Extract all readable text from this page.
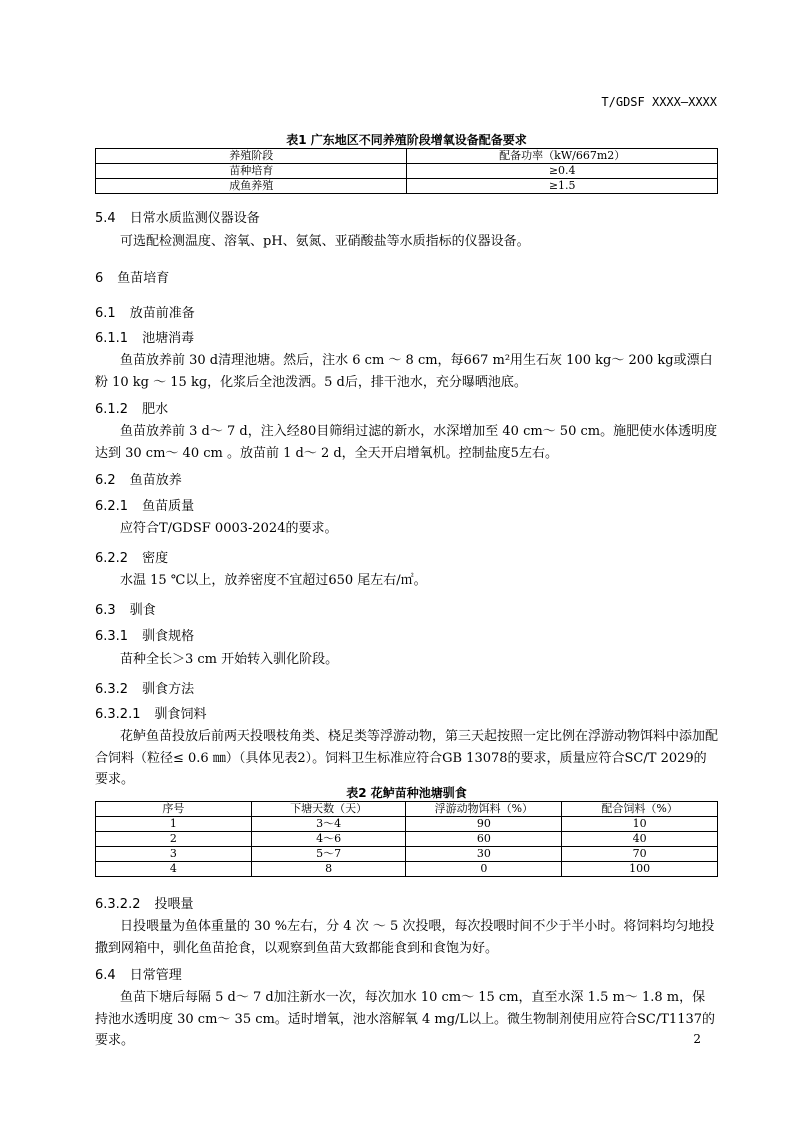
T/GDSF XXXX—XXXX
表1 广东地区不同养殖阶段增氧设备配备要求
养殖阶段	配备功率（kW/667m2）
苗种培育	≥0.4
成鱼养殖	≥1.5
5.4 日常水质监测仪器设备
可选配检测温度、溶氧、pH、氨氮、亚硝酸盐等水质指标的仪器设备。
6 鱼苗培育
6.1 放苗前准备
6.1.1 池塘消毒
鱼苗放养前 30 d清理池塘。然后，注水 6 cm ～ 8 cm，每667 m²用生石灰 100 kg～ 200 kg或漂白粉 10 kg ～ 15 kg，化浆后全池泼洒。5 d后，排干池水，充分曝晒池底。
6.1.2 肥水
鱼苗放养前 3 d～ 7 d，注入经80目筛绢过滤的新水，水深增加至 40 cm～ 50 cm。施肥使水体透明度达到 30 cm～ 40 cm 。放苗前 1 d～ 2 d，全天开启增氧机。控制盐度5左右。
6.2 鱼苗放养
6.2.1 鱼苗质量
应符合T/GDSF 0003-2024的要求。
6.2.2 密度
水温 15 ℃以上，放养密度不宜超过650 尾左右/㎡。
6.3 驯食
6.3.1 驯食规格
苗种全长＞3 cm 开始转入驯化阶段。
6.3.2 驯食方法
6.3.2.1 驯食饲料
花鲈鱼苗投放后前两天投喂枝角类、桡足类等浮游动物，第三天起按照一定比例在浮游动物饵料中添加配合饲料（粒径≤ 0.6 ㎜）（具体见表2）。饲料卫生标准应符合GB 13078的要求，质量应符合SC/T 2029的要求。
表2 花鲈苗种池塘驯食
序号	下塘天数（天）	浮游动物饵料（%）	配合饲料（%）
1	3～4	90	10
2	4～6	60	40
3	5～7	30	70
4	8	0	100
6.3.2.2 投喂量
日投喂量为鱼体重量的 30 %左右，分 4 次 ～ 5 次投喂，每次投喂时间不少于半小时。将饲料均匀地投撒到网箱中，驯化鱼苗抢食，以观察到鱼苗大致都能食到和食饱为好。
6.4 日常管理
鱼苗下塘后每隔 5 d～ 7 d加注新水一次，每次加水 10 cm～ 15 cm，直至水深 1.5 m～ 1.8 m，保持池水透明度 30 cm～ 35 cm。适时增氧，池水溶解氧 4 mg/L以上。微生物制剂使用应符合SC/T1137的要求。	2
